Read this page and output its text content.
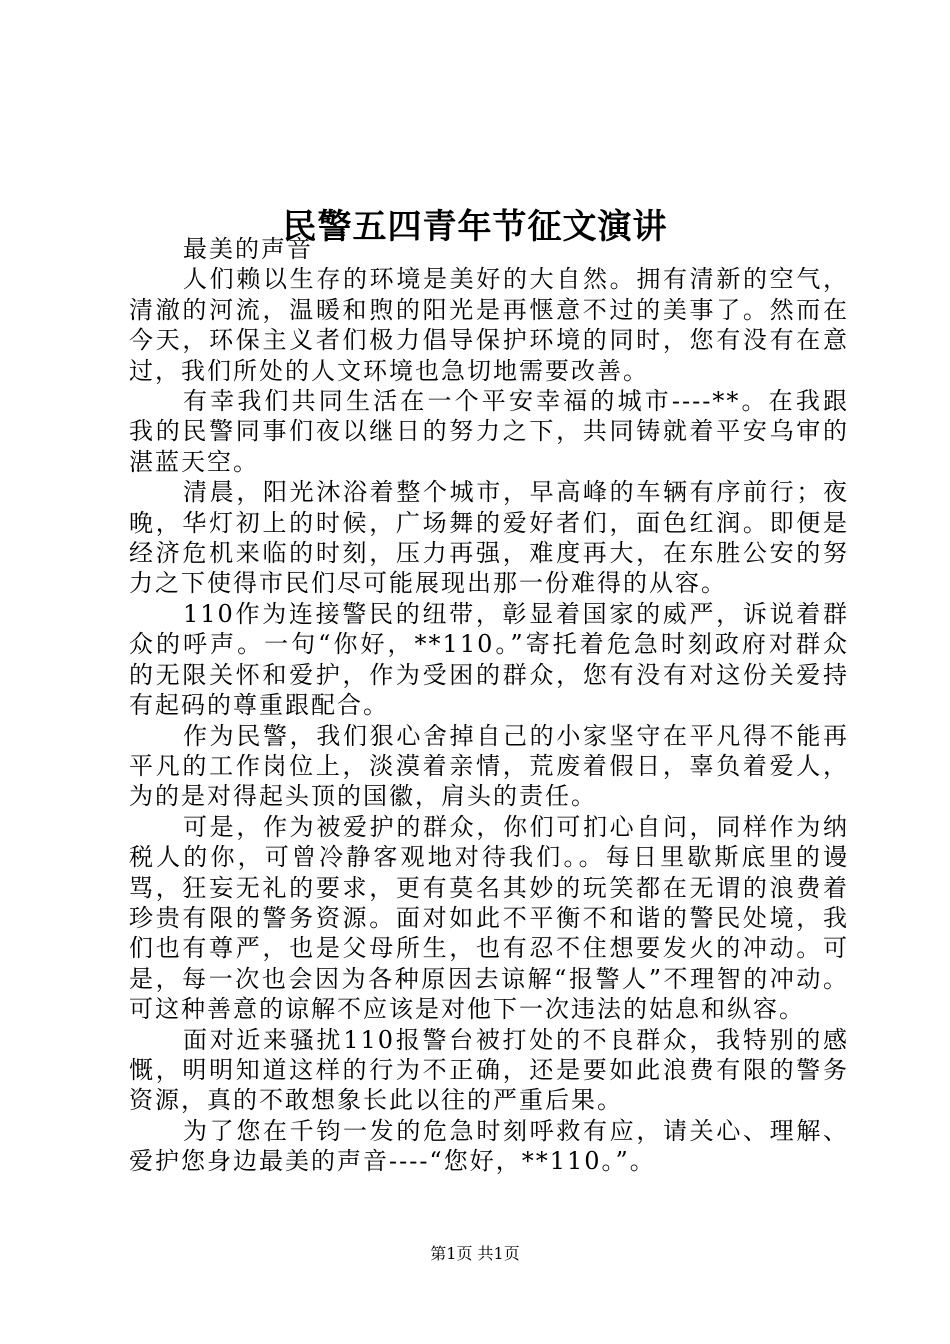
民警五四青年节征文演讲

最美的声音

人们赖以生存的环境是美好的大自然。拥有清新的空气，清澈的河流，温暖和煦的阳光是再惬意不过的美事了。然而在今天，环保主义者们极力倡导保护环境的同时，您有没有在意过，我们所处的人文环境也急切地需要改善。

有幸我们共同生活在一个平安幸福的城市----**。在我跟我的民警同事们夜以继日的努力之下，共同铸就着平安乌审的湛蓝天空。

清晨，阳光沐浴着整个城市，早高峰的车辆有序前行；夜晚，华灯初上的时候，广场舞的爱好者们，面色红润。即便是经济危机来临的时刻，压力再强，难度再大，在东胜公安的努力之下使得市民们尽可能展现出那一份难得的从容。

110作为连接警民的纽带，彰显着国家的威严，诉说着群众的呼声。一句“你好，**110。”寄托着危急时刻政府对群众的无限关怀和爱护，作为受困的群众，您有没有对这份关爱持有起码的尊重跟配合。

作为民警，我们狠心舍掉自己的小家坚守在平凡得不能再平凡的工作岗位上，淡漠着亲情，荒废着假日，辜负着爱人，为的是对得起头顶的国徽，肩头的责任。

可是，作为被爱护的群众，你们可扪心自问，同样作为纳税人的你，可曾冷静客观地对待我们。。每日里歇斯底里的谩骂，狂妄无礼的要求，更有莫名其妙的玩笑都在无谓的浪费着珍贵有限的警务资源。面对如此不平衡不和谐的警民处境，我们也有尊严，也是父母所生，也有忍不住想要发火的冲动。可是，每一次也会因为各种原因去谅解“报警人”不理智的冲动。可这种善意的谅解不应该是对他下一次违法的姑息和纵容。

面对近来骚扰110报警台被打处的不良群众，我特别的感慨，明明知道这样的行为不正确，还是要如此浪费有限的警务资源，真的不敢想象长此以往的严重后果。

为了您在千钧一发的危急时刻呼救有应，请关心、理解、爱护您身边最美的声音----“您好，**110。”。

第1页 共1页
